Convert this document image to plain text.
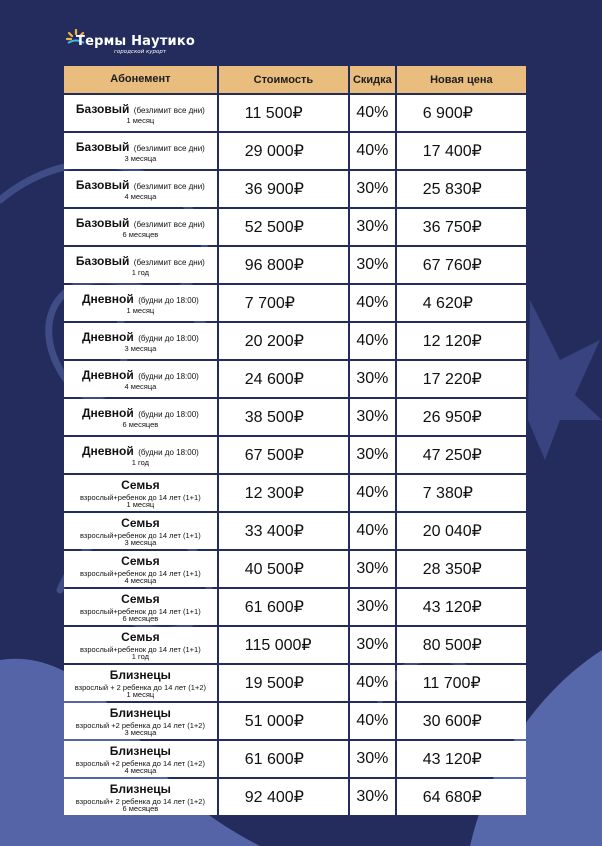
Термы Наутико
городской курорт
Абонемент	Стоимость	Скидка	Новая цена
Базовый (безлимит все дни)
1 месяц	11 500₽	40%	6 900₽
Базовый (безлимит все дни)
3 месяца	29 000₽	40%	17 400₽
Базовый (безлимит все дни)
4 месяца	36 900₽	30%	25 830₽
Базовый (безлимит все дни)
6 месяцев	52 500₽	30%	36 750₽
Базовый (безлимит все дни)
1 год	96 800₽	30%	67 760₽
Дневной (будни до 18:00)
1 месяц	7 700₽	40%	4 620₽
Дневной (будни до 18:00)
3 месяца	20 200₽	40%	12 120₽
Дневной (будни до 18:00)
4 месяца	24 600₽	30%	17 220₽
Дневной (будни до 18:00)
6 месяцев	38 500₽	30%	26 950₽
Дневной (будни до 18:00)
1 год	67 500₽	30%	47 250₽
Семья
взрослый+ребенок до 14 лет (1+1)
1 месяц	12 300₽	40%	7 380₽
Семья
взрослый+ребенок до 14 лет (1+1)
3 месяца	33 400₽	40%	20 040₽
Семья
взрослый+ребенок до 14 лет (1+1)
4 месяца	40 500₽	30%	28 350₽
Семья
взрослый+ребенок до 14 лет (1+1)
6 месяцев	61 600₽	30%	43 120₽
Семья
взрослый+ребенок до 14 лет (1+1)
1 год	115 000₽	30%	80 500₽
Близнецы
взрослый + 2 ребенка до 14 лет (1+2)
1 месяц	19 500₽	40%	11 700₽
Близнецы
взрослый +2 ребенка до 14 лет (1+2)
3 месяца	51 000₽	40%	30 600₽
Близнецы
взрослый +2 ребенка до 14 лет (1+2)
4 месяца	61 600₽	30%	43 120₽
Близнецы
взрослый+ 2 ребенка до 14 лет (1+2)
6 месяцев	92 400₽	30%	64 680₽
